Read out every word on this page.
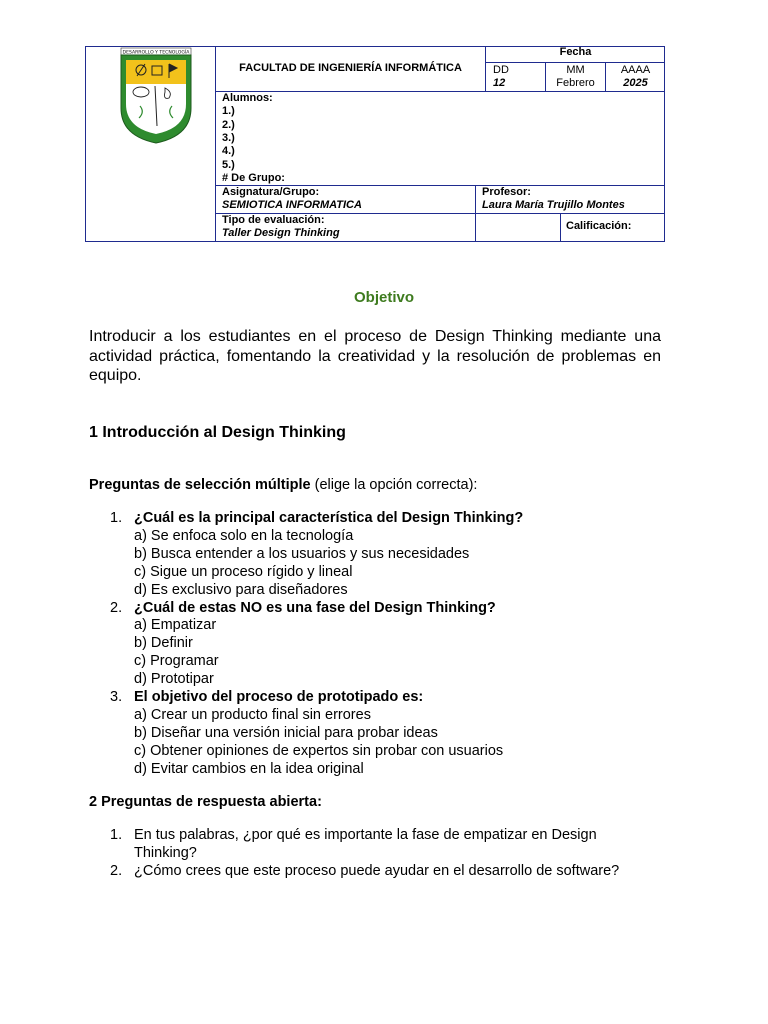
DESARROLLO Y TECNOLOGÍA
FACULTAD DE INGENIERÍA INFORMÁTICA
Fecha
DD
12
MM
Febrero
AAAA
2025
Alumnos:
1.)
2.)
3.)
4.)
5.)
# De Grupo:
Asignatura/Grupo:
SEMIOTICA INFORMATICA
Profesor:
Laura María Trujillo Montes
Tipo de evaluación:
Taller Design Thinking
Calificación:
Objetivo
Introducir a los estudiantes en el proceso de Design Thinking mediante una actividad práctica, fomentando la creatividad y la resolución de problemas en equipo.
1 Introducción al Design Thinking
Preguntas de selección múltiple (elige la opción correcta):
1. ¿Cuál es la principal característica del Design Thinking?
a) Se enfoca solo en la tecnología
b) Busca entender a los usuarios y sus necesidades
c) Sigue un proceso rígido y lineal
d) Es exclusivo para diseñadores
2. ¿Cuál de estas NO es una fase del Design Thinking?
a) Empatizar
b) Definir
c) Programar
d) Prototipar
3. El objetivo del proceso de prototipado es:
a) Crear un producto final sin errores
b) Diseñar una versión inicial para probar ideas
c) Obtener opiniones de expertos sin probar con usuarios
d) Evitar cambios en la idea original
2 Preguntas de respuesta abierta:
1. En tus palabras, ¿por qué es importante la fase de empatizar en Design Thinking?
2. ¿Cómo crees que este proceso puede ayudar en el desarrollo de software?
